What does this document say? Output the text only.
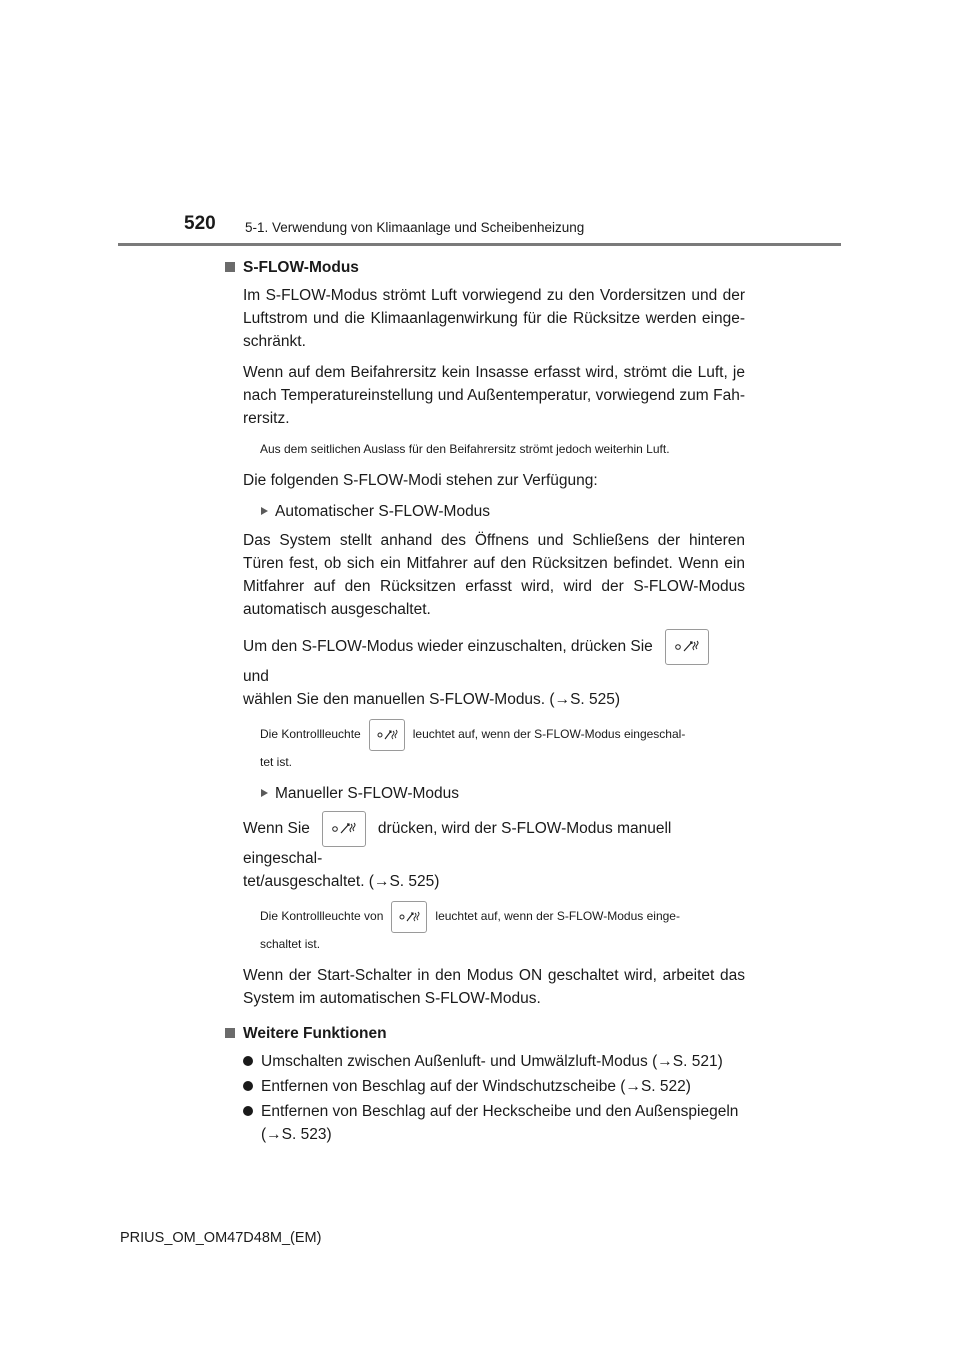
520 5-1. Verwendung von Klimaanlage und Scheibenheizung
S-FLOW-Modus
Im S-FLOW-Modus strömt Luft vorwiegend zu den Vordersitzen und der Luftstrom und die Klimaanlagenwirkung für die Rücksitze werden einge-schränkt.
Wenn auf dem Beifahrersitz kein Insasse erfasst wird, strömt die Luft, je nach Temperatureinstellung und Außentemperatur, vorwiegend zum Fah-rersitz.
Aus dem seitlichen Auslass für den Beifahrersitz strömt jedoch weiterhin Luft.
Die folgenden S-FLOW-Modi stehen zur Verfügung:
Automatischer S-FLOW-Modus
Das System stellt anhand des Öffnens und Schließens der hinteren Türen fest, ob sich ein Mitfahrer auf den Rücksitzen befindet. Wenn ein Mitfahrer auf den Rücksitzen erfasst wird, wird der S-FLOW-Modus automatisch ausgeschaltet.
Um den S-FLOW-Modus wieder einzuschalten, drücken Sie
und
wählen Sie den manuellen S-FLOW-Modus. (→S. 525)
Die Kontrollleuchte	leuchtet auf, wenn der S-FLOW-Modus eingeschal-
tet ist.
Manueller S-FLOW-Modus
Wenn Sie	drücken, wird der S-FLOW-Modus manuell eingeschal-
tet/ausgeschaltet. (→S. 525)
Die Kontrollleuchte von	leuchtet auf, wenn der S-FLOW-Modus einge-
schaltet ist.
Wenn der Start-Schalter in den Modus ON geschaltet wird, arbeitet das System im automatischen S-FLOW-Modus.
Weitere Funktionen
Umschalten zwischen Außenluft- und Umwälzluft-Modus (→S. 521)
Entfernen von Beschlag auf der Windschutzscheibe (→S. 522)
Entfernen von Beschlag auf der Heckscheibe und den Außenspiegeln
(→S. 523)
PRIUS_OM_OM47D48M_(EM)
